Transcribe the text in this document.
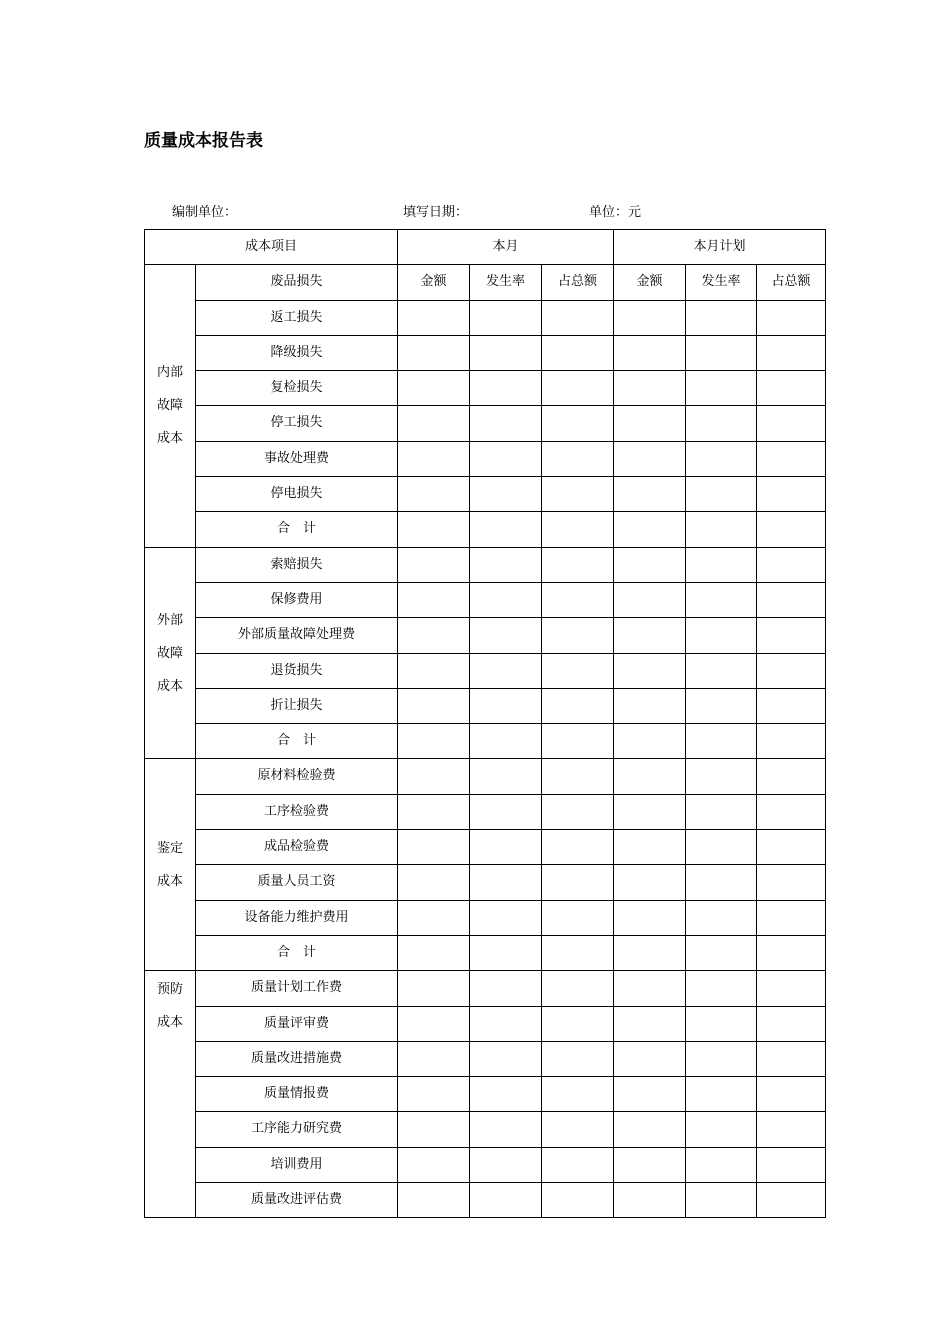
质量成本报告表
编制单位：	填写日期：	单位：元
成本项目		本月			本月计划		

内部
故障
成本	废品损失	金额	发生率	占总额	金额	发生率	占总额
	返工损失						
	降级损失						
	复检损失						
	停工损失						
	事故处理费						
	停电损失						
	合　计						

外部
故障
成本	索赔损失						
	保修费用						
	外部质量故障处理费						
	退货损失						
	折让损失						
	合　计						

鉴定
成本	原材料检验费						
	工序检验费						
	成品检验费						
	质量人员工资						
	设备能力维护费用						
	合　计						

预防
成本	质量计划工作费						
	质量评审费						
	质量改进措施费						
	质量情报费						
	工序能力研究费						
	培训费用						
	质量改进评估费						
